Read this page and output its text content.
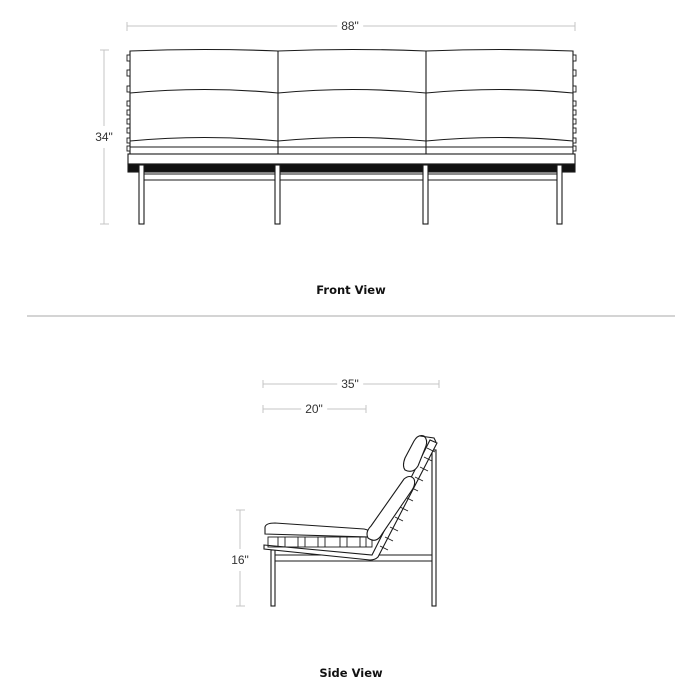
88"
34"
Front View
35"
20"
16"
Side View
